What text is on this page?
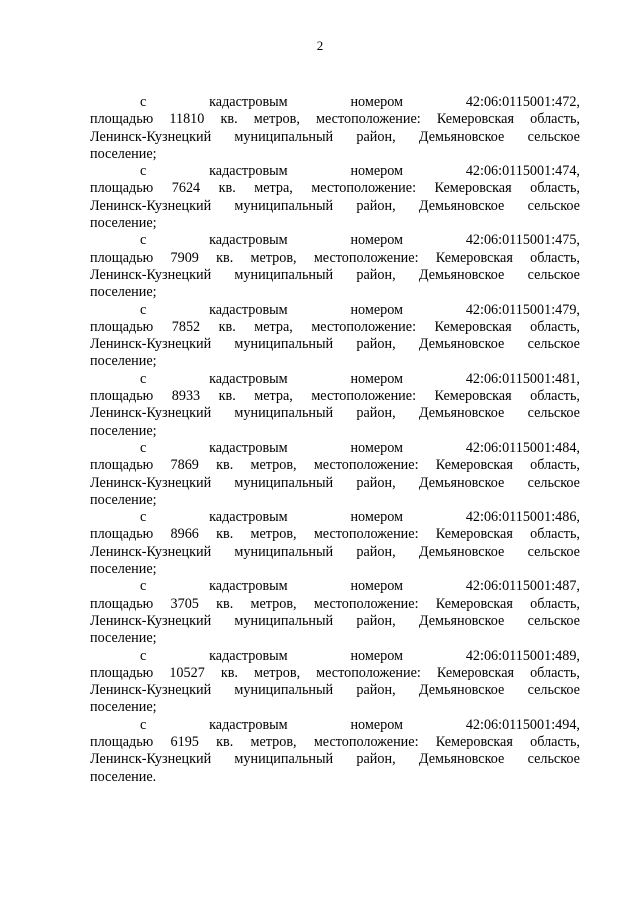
2
с	кадастровым	номером	42:06:0115001:472,
площадью 11810 кв. метров, местоположение: Кемеровская область,
Ленинск-Кузнецкий муниципальный район, Демьяновское сельское
поселение;
с	кадастровым	номером	42:06:0115001:474,
площадью 7624 кв. метра, местоположение: Кемеровская область,
Ленинск-Кузнецкий муниципальный район, Демьяновское сельское
поселение;
с	кадастровым	номером	42:06:0115001:475,
площадью 7909 кв. метров, местоположение: Кемеровская область,
Ленинск-Кузнецкий муниципальный район, Демьяновское сельское
поселение;
с	кадастровым	номером	42:06:0115001:479,
площадью 7852 кв. метра, местоположение: Кемеровская область,
Ленинск-Кузнецкий муниципальный район, Демьяновское сельское
поселение;
с	кадастровым	номером	42:06:0115001:481,
площадью 8933 кв. метра, местоположение: Кемеровская область,
Ленинск-Кузнецкий муниципальный район, Демьяновское сельское
поселение;
с	кадастровым	номером	42:06:0115001:484,
площадью 7869 кв. метров, местоположение: Кемеровская область,
Ленинск-Кузнецкий муниципальный район, Демьяновское сельское
поселение;
с	кадастровым	номером	42:06:0115001:486,
площадью 8966 кв. метров, местоположение: Кемеровская область,
Ленинск-Кузнецкий муниципальный район, Демьяновское сельское
поселение;
с	кадастровым	номером	42:06:0115001:487,
площадью 3705 кв. метров, местоположение: Кемеровская область,
Ленинск-Кузнецкий муниципальный район, Демьяновское сельское
поселение;
с	кадастровым	номером	42:06:0115001:489,
площадью 10527 кв. метров, местоположение: Кемеровская область,
Ленинск-Кузнецкий муниципальный район, Демьяновское сельское
поселение;
с	кадастровым	номером	42:06:0115001:494,
площадью 6195 кв. метров, местоположение: Кемеровская область,
Ленинск-Кузнецкий муниципальный район, Демьяновское сельское
поселение.
